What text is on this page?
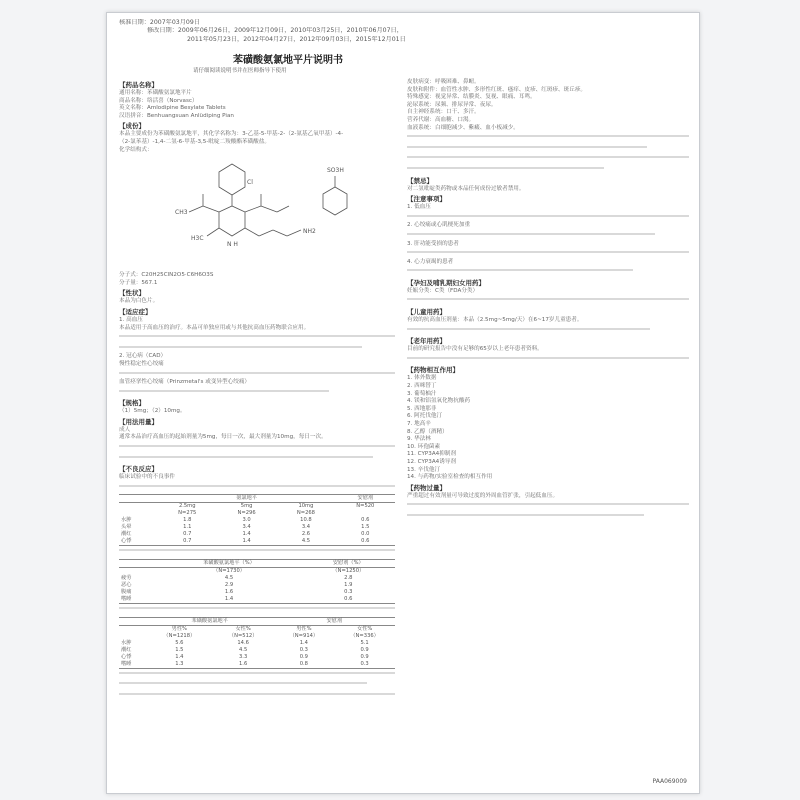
核准日期：2007年03月09日
修改日期：2009年06月26日，2009年12月09日，2010年03月25日，2010年06月07日，
2011年05月23日，2012年04月27日，2012年09月03日，2015年12月01日
苯磺酸氨氯地平片说明书
请仔细阅读说明书并在医师指导下使用
【药品名称】
通用名称：苯磺酸氨氯地平片
商品名称：络活喜（Norvasc）
英文名称：Amlodipine Besylate Tablets
汉语拼音：Benhuangsuan Anlüdiping Pian
【成份】
本品主要成份为苯磺酸氨氯地平，其化学名称为：3-乙基-5-甲基-2-（2-氨基乙氧甲基）-4-
（2-氯苯基）-1,4-二氢-6-甲基-3,5-吡啶二羧酸酯苯磺酸盐。
化学结构式：
Cl
SO3H
NH2
H3C
CH3
N H
分子式：C20H25ClN2O5·C6H6O3S
分子量：567.1
【性状】
本品为白色片。
【适应症】
1. 高血压
本品适用于高血压的治疗。本品可单独应用或与其他抗高血压药物联合应用。
2. 冠心病（CAD）
慢性稳定性心绞痛
血管痉挛性心绞痛（Prinzmetal's 或变异型心绞痛）
【规格】
（1）5mg；（2）10mg。
【用法用量】
成人
通常本品治疗高血压的起始剂量为5mg，每日一次，最大剂量为10mg，每日一次。
【不良反应】
临床试验中的不良事件
	氨氯地平			安慰剂
	2.5mg	5mg	10mg	N=520
	N=275	N=296	N=268	
水肿	1.8	3.0	10.8	0.6
头晕	1.1	3.4	3.4	1.5
潮红	0.7	1.4	2.6	0.0
心悸	0.7	1.4	4.5	0.6
	苯磺酸氨氯地平（%）	安慰剂（%）
	（N=1730）	（N=1250）
疲劳	4.5	2.8
恶心	2.9	1.9
腹痛	1.6	0.3
嗜睡	1.4	0.6
	苯磺酸氨氯地平		安慰剂	
	男性%	女性%	男性%	女性%
	（N=1218）	（N=512）	（N=914）	（N=336）
水肿	5.6	14.6	1.4	5.1
潮红	1.5	4.5	0.3	0.9
心悸	1.4	3.3	0.9	0.9
嗜睡	1.3	1.6	0.8	0.3
皮肤病变：呼吸困难、鼻衄。
皮肤和附件：血管性水肿、多形性红斑、瘙痒、皮疹、红斑疹、斑丘疹。
特殊感觉：视觉异常、结膜炎、复视、眼痛、耳鸣。
泌尿系统：尿频、排尿异常、夜尿。
自主神经系统：口干、多汗。
营养代谢：高血糖、口渴。
血液系统：白细胞减少、紫癜、血小板减少。
【禁忌】
对二氢吡啶类药物或本品任何成份过敏者禁用。
【注意事项】
1. 低血压
2. 心绞痛或心肌梗死加重
3. 肝功能受损的患者
4. 心力衰竭的患者
【孕妇及哺乳期妇女用药】
妊娠分类：C类（FDA分类）
【儿童用药】
有效的抗高血压剂量：本品（2.5mg~5mg/天）在6~17岁儿童患者。
【老年用药】
目前的研究报告中没有足够的65岁以上老年患者资料。
【药物相互作用】
1. 体外数据
2. 西咪替丁
3. 葡萄柚汁
4. 镁和铝氢氧化物抗酸药
5. 西地那非
6. 阿托伐他汀
7. 地高辛
8. 乙醇（酒精）
9. 华法林
10. 环孢菌素
11. CYP3A4抑制剂
12. CYP3A4诱导剂
13. 辛伐他汀
14. 与药物/实验室检查的相互作用
【药物过量】
严重超过有效剂量可导致过度的外周血管扩张，引起低血压。
PAA069009
